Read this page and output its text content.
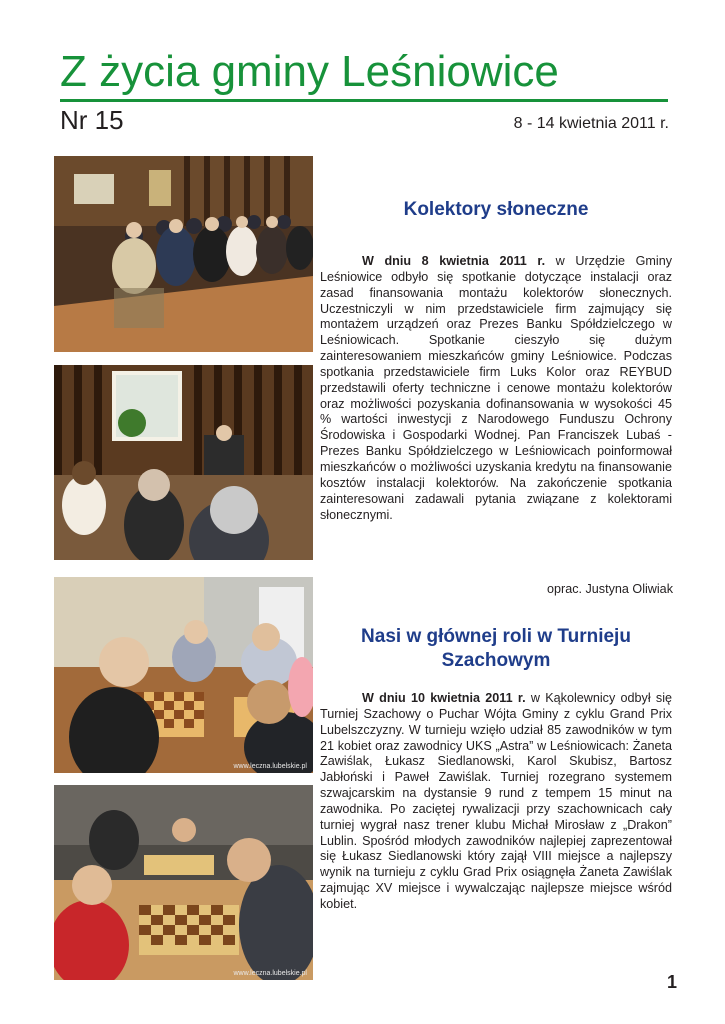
Z życia gminy Leśniowice
Nr 15	8 - 14 kwietnia 2011 r.
www.leczna.lubelskie.pl
www.leczna.lubelskie.pl
Kolektory słoneczne

W dniu 8 kwietnia 2011 r. w Urzędzie Gminy Leśniowice odbyło się spotkanie dotyczące instalacji oraz zasad finansowania montażu kolektorów słonecznych. Uczestniczyli w nim przedstawiciele firm zajmujący się montażem urządzeń oraz Prezes Banku Spółdzielczego w Leśniowicach. Spotkanie cieszyło się dużym zainteresowaniem mieszkańców gminy Leśniowice. Podczas spotkania przedstawiciele firm Luks Kolor oraz REYBUD przedstawili oferty techniczne i cenowe montażu kolektorów oraz możliwości pozyskania dofinansowania w wysokości 45 % wartości inwestycji z Narodowego Funduszu Ochrony Środowiska i Gospodarki Wodnej. Pan Franciszek Lubaś - Prezes Banku Spółdzielczego w Leśniowicach poinformował mieszkańców o możliwości uzyskania kredytu na finansowanie kosztów instalacji kolektorów. Na zakończenie spotkania zainteresowani zadawali pytania związane z kolektorami słonecznymi.

oprac. Justyna Oliwiak
Nasi w głównej roli w Turnieju Szachowym

W dniu 10 kwietnia 2011 r. w Kąkolewnicy odbył się Turniej Szachowy o Puchar Wójta Gminy z cyklu Grand Prix Lubelszczyzny. W turnieju wzięło udział 85 zawodników w tym 21 kobiet oraz zawodnicy UKS „Astra” w Leśniowicach: Żaneta Zawiślak, Łukasz Siedlanowski, Karol Skubisz, Bartosz Jabłoński i Paweł Zawiślak. Turniej rozegrano systemem szwajcarskim na dystansie 9 rund z tempem 15 minut na zawodnika. Po zaciętej rywalizacji przy szachownicach cały turniej wygrał nasz trener klubu Michał Mirosław z „Drakon” Lublin. Spośród młodych zawodników najlepiej zaprezentował się Łukasz Siedlanowski który zajął VIII miejsce a najlepszy wynik na turnieju z cyklu Grad Prix osiągnęła Żaneta Zawiślak zajmując XV miejsce i wywalczając najlepsze miejsce wśród kobiet.

1
